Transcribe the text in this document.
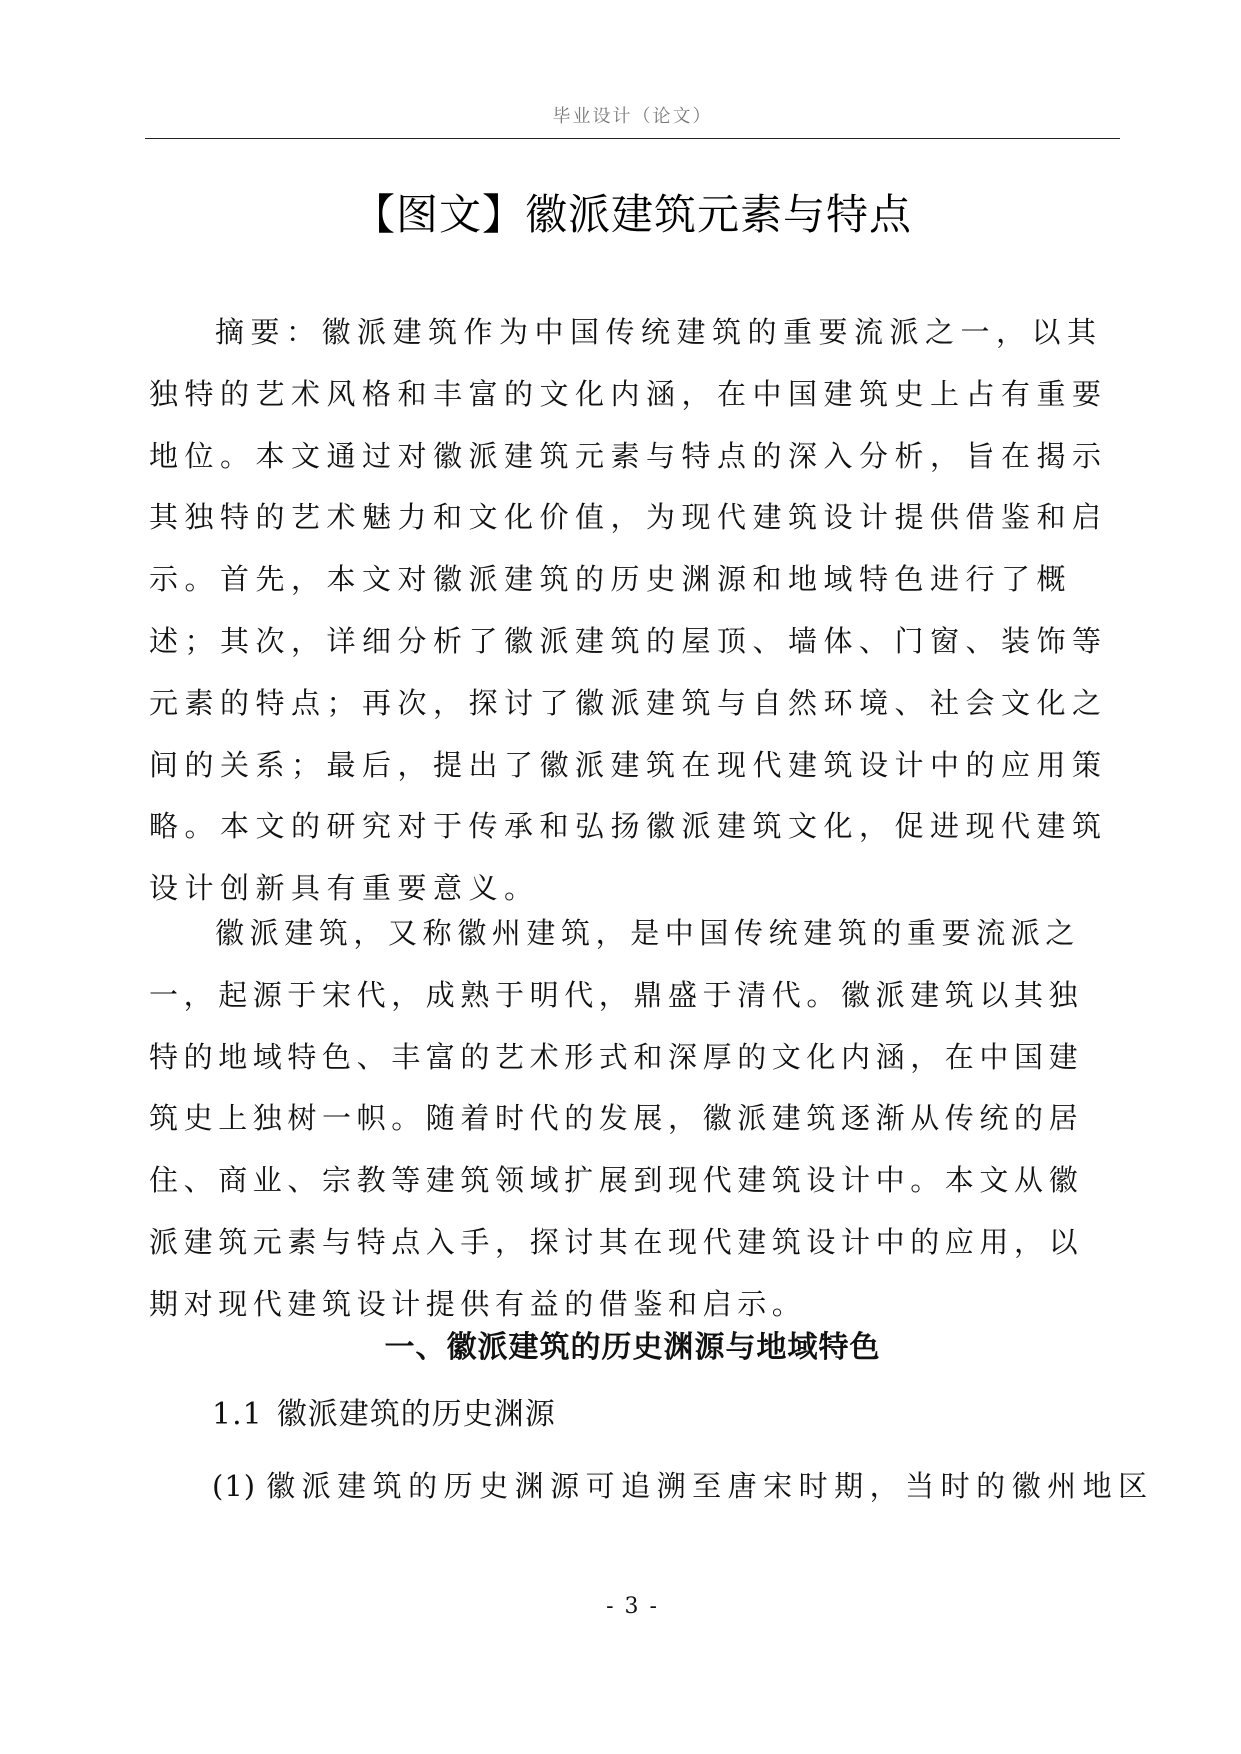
毕业设计（论文）
【图文】徽派建筑元素与特点

摘要：徽派建筑作为中国传统建筑的重要流派之一，以其独特的艺术风格和丰富的文化内涵，在中国建筑史上占有重要地位。本文通过对徽派建筑元素与特点的深入分析，旨在揭示其独特的艺术魅力和文化价值，为现代建筑设计提供借鉴和启示。首先，本文对徽派建筑的历史渊源和地域特色进行了概述；其次，详细分析了徽派建筑的屋顶、墙体、门窗、装饰等元素的特点；再次，探讨了徽派建筑与自然环境、社会文化之间的关系；最后，提出了徽派建筑在现代建筑设计中的应用策略。本文的研究对于传承和弘扬徽派建筑文化，促进现代建筑设计创新具有重要意义。

徽派建筑，又称徽州建筑，是中国传统建筑的重要流派之一，起源于宋代，成熟于明代，鼎盛于清代。徽派建筑以其独特的地域特色、丰富的艺术形式和深厚的文化内涵，在中国建筑史上独树一帜。随着时代的发展，徽派建筑逐渐从传统的居住、商业、宗教等建筑领域扩展到现代建筑设计中。本文从徽派建筑元素与特点入手，探讨其在现代建筑设计中的应用，以期对现代建筑设计提供有益的借鉴和启示。

一、徽派建筑的历史渊源与地域特色
1.1 徽派建筑的历史渊源
(1) 徽派建筑的历史渊源可追溯至唐宋时期，当时的徽州地区
- 3 -
